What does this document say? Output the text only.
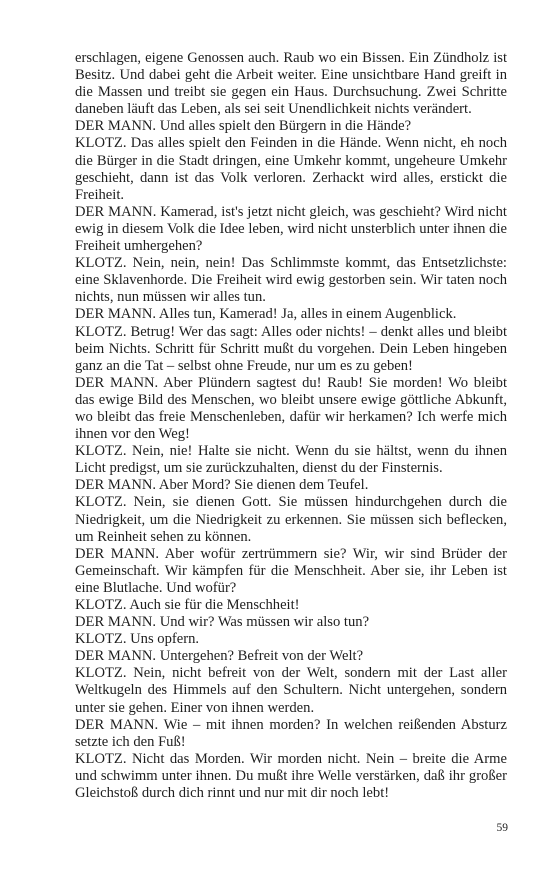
erschlagen, eigene Genossen auch. Raub wo ein Bissen. Ein Zündholz ist Besitz. Und dabei geht die Arbeit weiter. Eine unsichtbare Hand greift in die Massen und treibt sie gegen ein Haus. Durchsuchung. Zwei Schritte daneben läuft das Leben, als sei seit Unendlichkeit nichts verändert.

DER MANN. Und alles spielt den Bürgern in die Hände?

KLOTZ. Das alles spielt den Feinden in die Hände. Wenn nicht, eh noch die Bürger in die Stadt dringen, eine Umkehr kommt, ungeheure Umkehr geschieht, dann ist das Volk verloren. Zerhackt wird alles, erstickt die Freiheit.

DER MANN. Kamerad, ist's jetzt nicht gleich, was geschieht? Wird nicht ewig in diesem Volk die Idee leben, wird nicht unsterblich unter ihnen die Freiheit umhergehen?

KLOTZ. Nein, nein, nein! Das Schlimmste kommt, das Entsetzlichste: eine Sklavenhorde. Die Freiheit wird ewig gestorben sein. Wir taten noch nichts, nun müssen wir alles tun.

DER MANN. Alles tun, Kamerad! Ja, alles in einem Augenblick.

KLOTZ. Betrug! Wer das sagt: Alles oder nichts! – denkt alles und bleibt beim Nichts. Schritt für Schritt mußt du vorgehen. Dein Leben hingeben ganz an die Tat – selbst ohne Freude, nur um es zu geben!

DER MANN. Aber Plündern sagtest du! Raub! Sie morden! Wo bleibt das ewige Bild des Menschen, wo bleibt unsere ewige göttliche Abkunft, wo bleibt das freie Menschenleben, dafür wir herkamen? Ich werfe mich ihnen vor den Weg!

KLOTZ. Nein, nie! Halte sie nicht. Wenn du sie hältst, wenn du ihnen Licht predigst, um sie zurückzuhalten, dienst du der Finsternis.

DER MANN. Aber Mord? Sie dienen dem Teufel.

KLOTZ. Nein, sie dienen Gott. Sie müssen hindurchgehen durch die Niedrigkeit, um die Niedrigkeit zu erkennen. Sie müssen sich beflecken, um Reinheit sehen zu können.

DER MANN. Aber wofür zertrümmern sie? Wir, wir sind Brüder der Gemeinschaft. Wir kämpfen für die Menschheit. Aber sie, ihr Leben ist eine Blutlache. Und wofür?

KLOTZ. Auch sie für die Menschheit!

DER MANN. Und wir? Was müssen wir also tun?

KLOTZ. Uns opfern.

DER MANN. Untergehen? Befreit von der Welt?

KLOTZ. Nein, nicht befreit von der Welt, sondern mit der Last aller Weltkugeln des Himmels auf den Schultern. Nicht untergehen, sondern unter sie gehen. Einer von ihnen werden.

DER MANN. Wie – mit ihnen morden? In welchen reißenden Absturz setzte ich den Fuß!

KLOTZ. Nicht das Morden. Wir morden nicht. Nein – breite die Arme und schwimm unter ihnen. Du mußt ihre Welle verstärken, daß ihr großer Gleichstoß durch dich rinnt und nur mit dir noch lebt!

59
